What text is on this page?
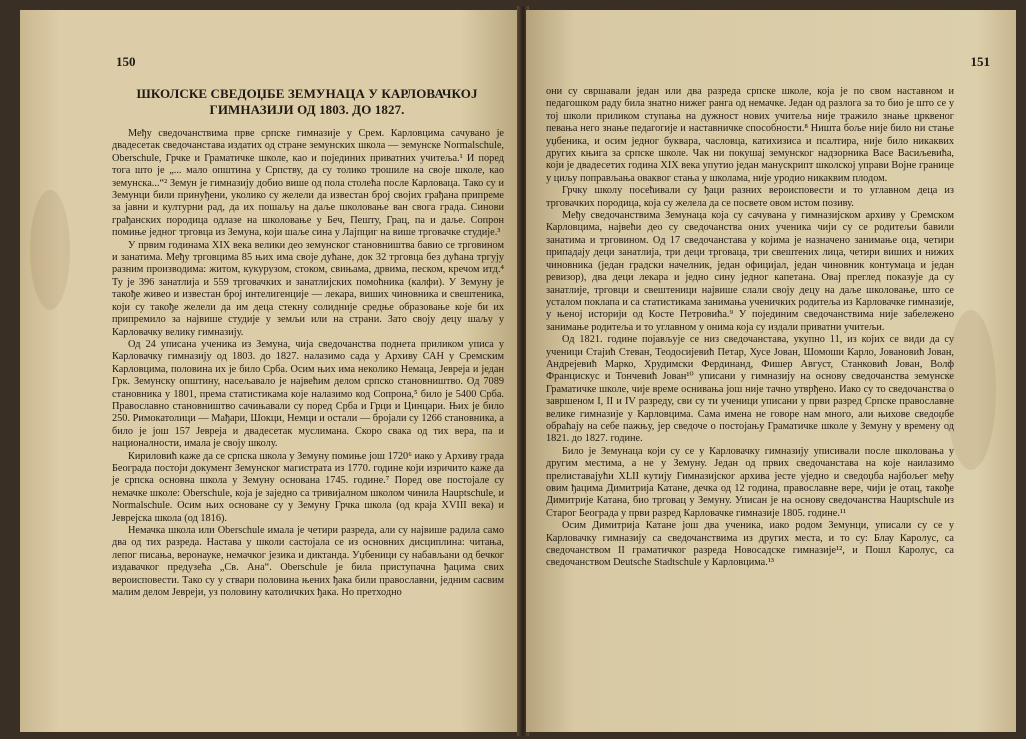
150
ШКОЛСКЕ СВЕДОЏБЕ ЗЕМУНАЦА У КАРЛОВАЧКОЈ ГИМНАЗИЈИ ОД 1803. ДО 1827.

Међу сведочанствима прве српске гимназије у Срем. Карловцима сачувано је двадесетак сведочанстава издатих од стране земунских школа — земунске Normalschule, Oberschule, Грчке и Граматичке школе, као и појединих приватних учитеља.¹ И поред тога што је „... мало општина у Српству, да су толико трошиле на своје школе, као земунска...“² Земун је гимназију добио више од пола столећа после Карловаца. Тако су и Земунци били принуђени, уколико су желели да известан број својих грађана припреме за јавни и културни рад, да их пошаљу на даље школовање ван свога града. Синови грађанских породица одлазе на школовање у Беч, Пешту, Грац, па и даље. Сопрон помиње једног трговца из Земуна, који шаље сина у Лајпциг на више трговачке студије.³

У првим годинама XIX века велики део земунског становништва бавио се трговином и занатима. Међу трговцима 85 њих има своје дућане, док 32 трговца без дућана тргују разним производима: житом, кукурузом, стоком, свињама, дрвима, песком, кречом итд.⁴ Ту је 396 занатлија и 559 трговачких и занатлијских помоћника (калфи). У Земуну је такође живео и известан број интелигенције — лекара, виших чиновника и свештеника, који су такође желели да им деца стекну солидније средње образовање које би их припремило за највише студије у земљи или на страни. Зато своју децу шаљу у Карловачку велику гимназију.

Од 24 уписана ученика из Земуна, чија сведочанства поднета приликом уписа у Карловачку гимназију од 1803. до 1827. налазимо сада у Архиву САН у Сремским Карловцима, половина их је било Срба. Осим њих има неколико Немаца, Јевреја и један Грк. Земунску општину, насељавало је највећим делом српско становништво. Од 7089 становника у 1801, према статистикама које налазимо код Сопрона,⁵ било је 5400 Срба. Православно становништво сачињавали су поред Срба и Грци и Цинцари. Њих је било 250. Римокатолици — Мађари, Шокци, Немци и остали — бројали су 1266 становника, а било је још 157 Јевреја и двадесетак муслимана. Скоро свака од тих вера, па и националности, имала је своју школу.

Кириловић каже да се српска школа у Земуну помиње још 1720⁶ иако у Архиву града Београда постоји документ Земунског магистрата из 1770. године који изричито каже да је српска основна школа у Земуну основана 1745. године.⁷ Поред ове постојале су немачке школе: Oberschule, која је заједно са тривијалном школом чинила Hauptschule, и Normalschule. Осим њих основане су у Земуну Грчка школа (од краја XVIII века) и Јеврејска школа (од 1816).

Немачка школа или Oberschule имала је четири разреда, али су највише радила само два од тих разреда. Настава у школи састојала се из основних дисциплина: читања, лепог писања, веронауке, немачког језика и диктанда. Уџбеници су набављани од бечког издавачког предузећа „Св. Ана“. Oberschule је била приступачна ђацима свих вероисповести. Тако су у ствари половина њених ђака били православни, једним сасвим малим делом Јевреји, уз половину католичких ђака. Но претходно

151

они су свршавали један или два разреда српске школе, која је по свом наставном и педагошком раду била знатно нижег ранга од немачке. Један од разлога за то био је што се у тој школи приликом ступања на дужност нових учитеља није тражило знање црквеног певања него знање педагогије и наставничке способности.⁸ Ништа боље није било ни стање уџбеника, и осим једног буквара, часловца, катихизиса и псалтира, није било никаквих других књига за српске школе. Чак ни покушај земунског надзорника Васе Васиљевића, који је двадесетих година XIX века упутио један манускрипт школској управи Војне границе у циљу поправљања оваквог стања у школама, није уродио никаквим плодом.

Грчку школу посећивали су ђаци разних вероисповести и то углавном деца из трговачких породица, која су желела да се посвете овом истом позиву.

Међу сведочанствима Земунаца која су сачувана у гимназијском архиву у Сремском Карловцима, највећи део су сведочанства оних ученика чији су се родитељи бавили занатима и трговином. Од 17 сведочанстава у којима је назначено занимање оца, четири припадају деци занатлија, три деци трговаца, три свештених лица, четири виших и нижих чиновника (један градски начелник, један официјал, један чиновник контумаца и један ревизор), два деци лекара и једно сину једног капетана. Овај преглед показује да су занатлије, трговци и свештеници највише слали своју децу на даље школовање, што се усталом поклапа и са статистикама занимања ученичких родитеља из Карловачке гимназије, у њеној историји од Косте Петровића.⁹ У појединим сведочанствима није забележено занимање родитеља и то углавном у онима која су издали приватни учитељи.

Од 1821. године појављује се низ сведочанстава, укупно 11, из којих се види да су ученици Стајић Стеван, Теодосијевић Петар, Хусе Јован, Шомоши Карло, Јовановић Јован, Андрејевић Марко, Хрудимски Фердинанд, Фишер Август, Станковић Јован, Волф Францискус и Тончевић Јован¹⁰ уписани у гимназију на основу сведочанства земунске Граматичке школе, чије време оснивања још није тачно утврђено. Иако су то сведочанства о завршеном I, II и IV разреду, сви су ти ученици уписани у први разред Српске православне велике гимназије у Карловцима. Сама имена не говоре нам много, али њихове сведоџбе обраћају на себе пажњу, јер сведоче о постојању Граматичке школе у Земуну у времену од 1821. до 1827. године.

Било је Земунаца који су се у Карловачку гимназију уписивали после школовања у другим местима, а не у Земуну. Један од првих сведочанстава на које наилазимо прелиставајући XLII кутију Гимназијског архива јесте уједно и сведоџба најбољег међу овим ђацима Димитрија Катанe, дечка од 12 година, православне вере, чији је отац, такође Димитрије Катана, био трговац у Земуну. Уписан је на основу сведочанства Hauptschule из Старог Београда у први разред Карловачке гимназије 1805. године.¹¹

Осим Димитрија Катане још два ученика, иако родом Земунци, уписали су се у Карловачку гимназију са сведочанствима из других места, и то су: Блау Каролус, са сведочанством II граматичког разреда Новосадске гимназије¹², и Пошл Каролус, са сведочанством Deutsche Stadtschule у Карловцима.¹³
